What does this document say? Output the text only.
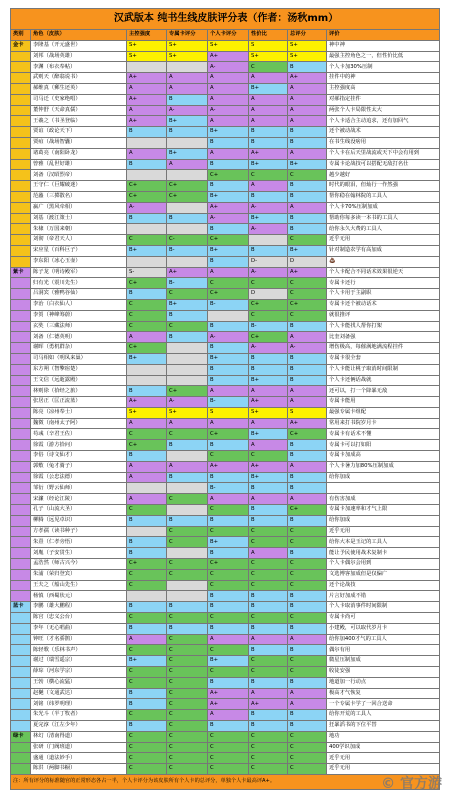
汉武版本 纯书生线皮肤评分表（作者：汤秋mm）							
类别	角色（皮肤）	主控强度	专属卡评分	个人卡评分	性价比	总评分	评价
金卡	李隆基（开元盛世）	S+	S+	S+	S	S+	神中神
	刘邦（战场英雄）	S+	S+	A+	S+	S+	最强主控角色之一，但性价比低
	李渊（布衣奉帖）			A-	C	B	个人卡加30%压制
	武则天（醉翁说书）	A+	A	A	A	A+	挂件中的神
	郝维真（郵生还英）	A	A	A	B+	A	主控强度高
	司马迁（史家绝唱）	A+	B	A	A	A	对郝指定挂件
	董仲舒（天命真儒）	A	A-	A-	A	A	两张个人卡局限性太大
	王羲之（书圣登临）	A+	B+	A	A	A	个人卡适合主动追求，还有加回气
	贾谊（政论天下）	B	B	B+	B	B	还个被动战术
	贾疽（战场智囊）			B	B	B	在书生线没啥用
	诸葛亮（南阳卧龙）	A	B+	A	A+	A	个人卡在后天里战流或天下中会有用到
	曾雅（乱世好雄）	B	A	B	B+	B+	专属卡论战技可以搭配无敌打名仕
	刘备（汉昭烈帝）			C+	C	C	越少越好
	王守仁（巨耀破迷）	C+	C+	B	A	B	时代的眼泪，但灿行一作然强
	范蠡（三掷散名）	C+	C+	B+	B	B	帮你稳在翰林院的工具人
	嬴广（黑风牵相）	A-		A+	A-	A	个人卡70%压制加成
	刘基（渡江策士）	B	B	A-	B+	B	帮助你每多读一本书的工具人
	朱棣（万国来朝）			B	A-	B	给你永久大费的工具人
	刘彻（帝君天人）	C	C-	C+		C	近乎无用
	宋应星（百科巨子）	B+	B-	B+	B	B+	针对制造农学有高加成
	李东阳（冰心玉壶）			B	D-	D	💩
紫卡	陈子龙（明诗殿军）	S-	A+	A	A-	A+	个人卡配合不同话术效果很逆天
	归有光（震川先生）	C+	B-	C	C	C	专属卡还行
	吕洞宾（雅鸭谷仙）	B	C	C+	D	C	个人卡用于主副职
	李治（白衣仙人）	C	B+	B-	C+	C+	专属卡还个被动话术
	李贺（神峰筹蔚）	C	B		C	C	就很推评
	玄奘（三藏法师）	C	C	B	B-	B	个人卡能找人帮你打架
	刘备（仁德英明）	A	B	A-	C+	A	比奎刘备强
	谢晖（勇机群杂）	C+		B	A-	A-	增伤极高，每催满地满流程挂件
	司马相如（明凤来巢）	B+		B+	B	B	专属卡很全套
	东方朔（智擎宿楚）			B	B	B	个人卡能让桃子取消时间限制
	王文信（远逝露殿）			B	B+	B	个人卡还俩话战就
	林则徐（拾经之旅）	B	C+	A	A	A	还可以，打一个降暴无敌
	张居正（匡正流蓝）	A+	A-	B-	A+	A	专属卡能用
	陈亮（凉州奉士）	S+	S+	S	S+	S	最强专属卡组配
	魏徵（南州太子阿）	A	A	A	A	A+	常用来打书院岁月卡
	苟彧（辛君王佐）	C	C	C+	B+	C+	专属卡有话术不懂
	徐霞（游方拾问）	C+	B	B	A	B	专属卡可以打如阳
	李俗（诗文仙才）	B		C	C	B	专属卡加成高
	郭敷（兔才骑子）	A	A	A+	A+	A	个人卡暑力加80%压制加成
	徐霞（公忠法德）	A	B	B	B+	B	给你加成
	邹衍（野云仙师）			B-	B	B	
	宋濂（经论江陵）	A	C	A	A	A	有伤害加成
	孔子（山流大圣）	C		C	B	C+	专属卡加速率和才气上限
	柳腾（远见卓识）	B	B	B	B	B	给你加成
	方孝孺（读书种子）		C	C	C	C	近乎无用
	朱熹（仁孝旁悟）	B	C	B+	C	C	给你大本是玉记的工具人
	刘胤（子安贯生）	B		B	A	B	能让予民使用战术复制卡
	孟浩然（师古兴今）	C+	C	C+	C	C	个人卡偶尔会用到
	朱浦（荣归登宾）	C	C	C	C	C	文选博客加成但是仅偏广
	王夫之（船山先生）	C		C	C	C	还个论战技
	杨慎（西蜀状元）			B	B	B	片言好加成不错
蓝卡	李鹏（雄大鹏程）	B	B	B	B	B	个人卡取消事件时间限制
	陈宫（忠义公台）	C	C	C	C	C	专属卡尚可
	李年（无心唱曲）	B	B	B	B	B	小建殿，可以取代岁月卡
	钟旺（才名骄鹊）	A	C	A	A	A	给你加400才气的工具人
	陈轻歌（乐林书声）	C	C	C	B	B	偶尔有用
	谢过（瑞雪遥宗）	B+	C	B+	C	C	微星压制加成
	薛琮（河东学宗）	C	C	C	C	C	收徒安强
	王勃（横心流猛）	C	C	B	B	B	地道加一行动点
	赵樾（文通武达）	B	C	A+	A	A	极高才气恢复
	刘铭（纬罗明理）	B	C	A+	A+	A	一个专属卡学了一回合送命
	朱光斗（半丁牧者）	C	C	A	B	B	给你开荒的工具人
	夏完淳（江左少年）	B	C	B	B	B	狂暴滔书的下位平替
绿卡	林幻（清南得道）	C	C	C	C	C	地功
	张研（门阀班道）	C	C	C	C	C	400学识加成
	盛通（道法妙手）	C	C	C	C	C	近乎无用
	陈洪（两脚书橱）	C	C	C	C	C	近乎无用
注：所有评分的标准随官的正常形态各占一半，个人卡评分为该皮肤所有个人卡的总评分，单独个人卡最高评A+。								© 官方游
